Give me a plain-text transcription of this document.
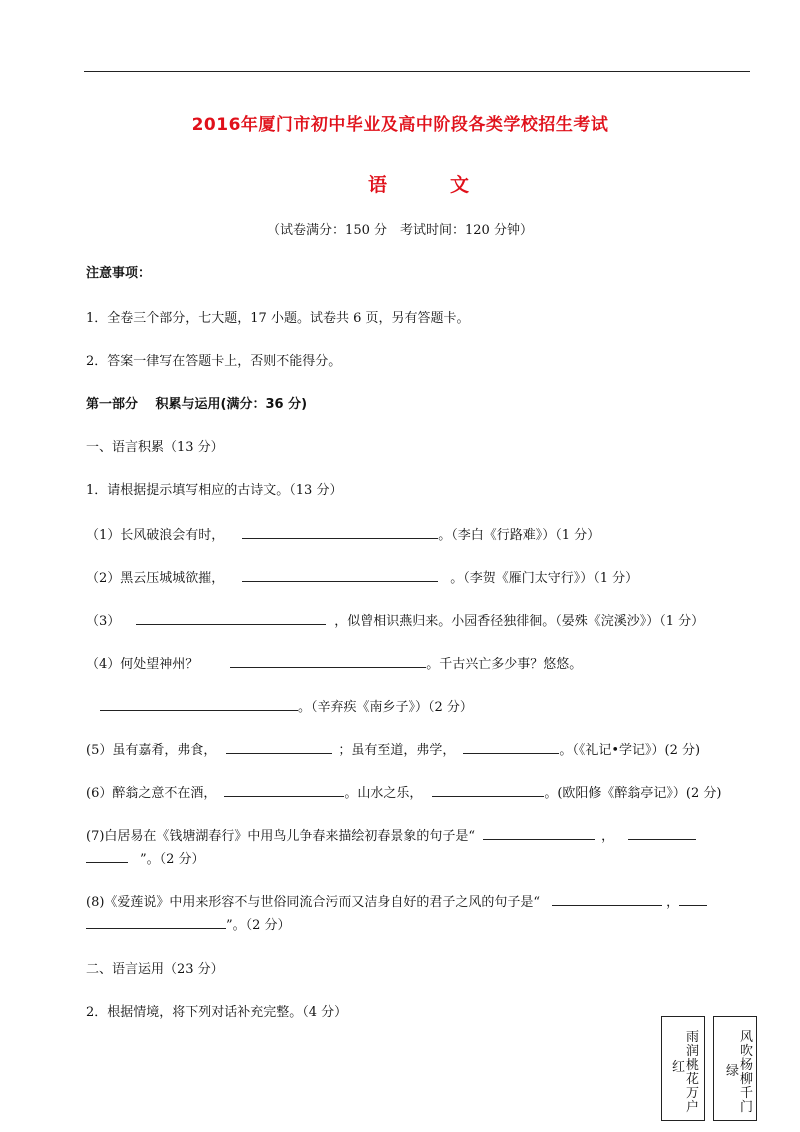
2016年厦门市初中毕业及高中阶段各类学校招生考试
语	文
（试卷满分：150 分　考试时间：120 分钟）
注意事项：
1．全卷三个部分，七大题，17 小题。试卷共 6 页，另有答题卡。
2．答案一律写在答题卡上，否则不能得分。
第一部分　 积累与运用(满分：36 分)
一、语言积累（13 分）
1．请根据提示填写相应的古诗文。（13 分）
（1）长风破浪会有时，	。（李白《行路难》）（1 分）
（2）黑云压城城欲摧，	。（李贺《雁门太守行》）（1 分）
（3）	，似曾相识燕归来。小园香径独徘徊。（晏殊《浣溪沙》）（1 分）
（4）何处望神州？	。千古兴亡多少事？悠悠。
。（辛弃疾《南乡子》）（2 分）
(5）虽有嘉肴，弗食，	；虽有至道，弗学，	。（《礼记•学记》）(2 分)
(6）醉翁之意不在酒，	。山水之乐，	。(欧阳修《醉翁亭记》）(2 分)
(7)白居易在《钱塘湖春行》中用鸟儿争春来描绘初春景象的句子是“	，
”。（2 分）
(8)《爱莲说》中用来形容不与世俗同流合污而又洁身自好的君子之风的句子是“	，
”。（2 分）
二、语言运用（23 分）
2．根据情境，将下列对话补充完整。（4 分）
雨润桃花万户
红
风吹杨柳千门
绿
